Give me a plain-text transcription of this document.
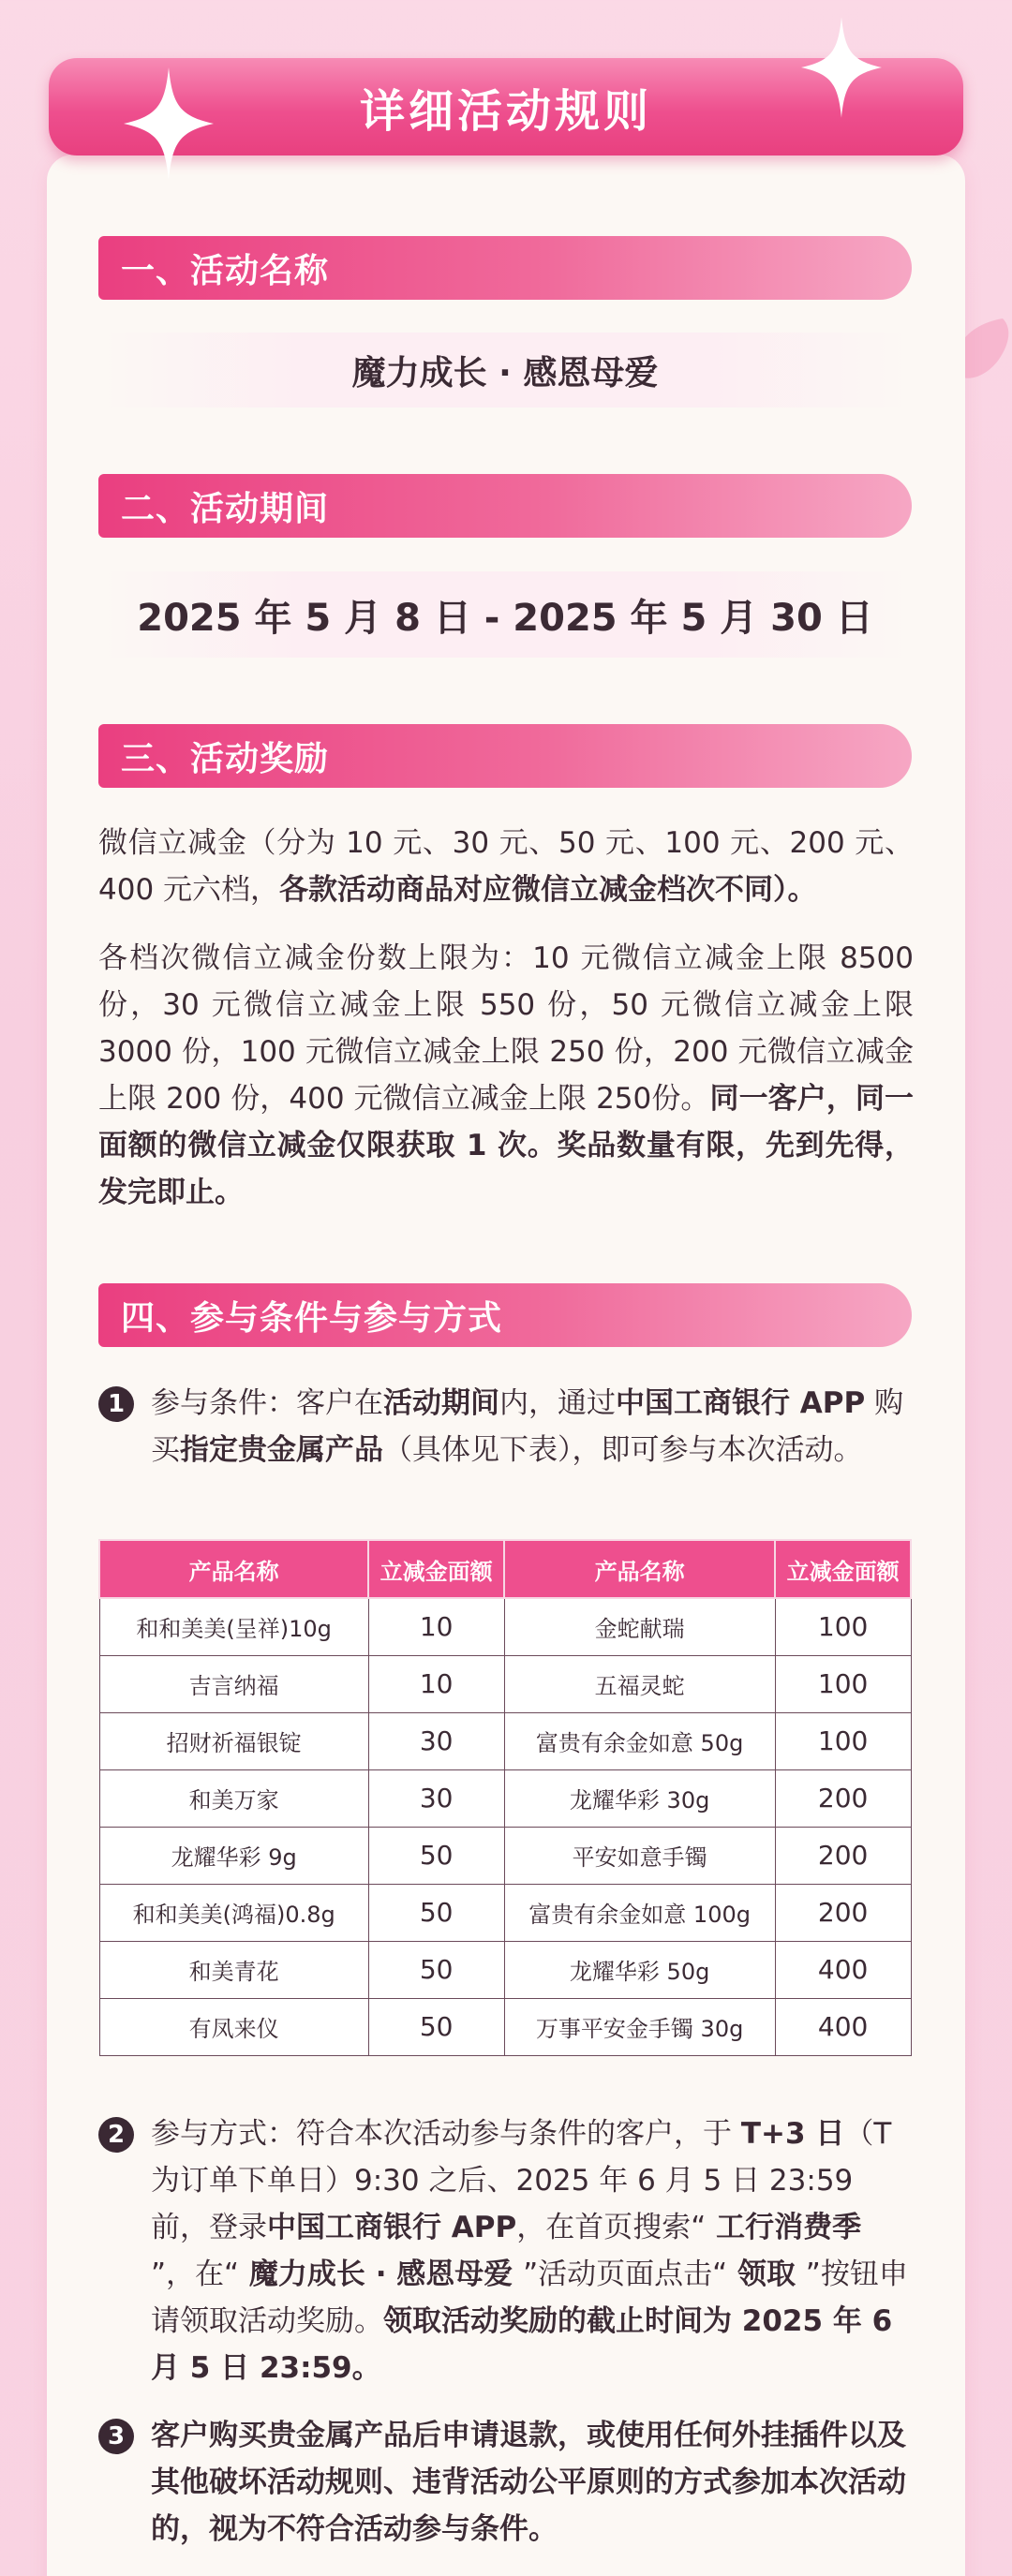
详细活动规则
一、活动名称
魔力成长 · 感恩母爱
二、活动期间
2025 年 5 月 8 日 - 2025 年 5 月 30 日
三、活动奖励

微信立减金（分为 10 元、30 元、50 元、100 元、200 元、400 元六档，各款活动商品对应微信立减金档次不同）。

各档次微信立减金份数上限为：10 元微信立减金上限 8500 份，30 元微信立减金上限 550 份，50 元微信立减金上限 3000 份，100 元微信立减金上限 250 份，200 元微信立减金上限 200 份，400 元微信立减金上限 250份。同一客户，同一面额的微信立减金仅限获取 1 次。奖品数量有限，先到先得，发完即止。

四、参与条件与参与方式
1 参与条件：客户在活动期间内，通过中国工商银行 APP 购买指定贵金属产品（具体见下表），即可参与本次活动。

产品名称	立减金面额	产品名称	立减金面额
和和美美(呈祥)10g	10	金蛇献瑞	100
吉言纳福	10	五福灵蛇	100
招财祈福银锭	30	富贵有余金如意 50g	100
和美万家	30	龙耀华彩 30g	200
龙耀华彩 9g	50	平安如意手镯	200
和和美美(鸿福)0.8g	50	富贵有余金如意 100g	200
和美青花	50	龙耀华彩 50g	400
有凤来仪	50	万事平安金手镯 30g	400
2 参与方式：符合本次活动参与条件的客户，于 T+3 日（T 为订单下单日）9:30 之后、2025 年 6 月 5 日 23:59 前，登录中国工商银行 APP，在首页搜索“ 工行消费季 ”，在“ 魔力成长 · 感恩母爱 ”活动页面点击“ 领取 ”按钮申请领取活动奖励。领取活动奖励的截止时间为 2025 年 6 月 5 日 23:59。

3 客户购买贵金属产品后申请退款，或使用任何外挂插件以及其他破坏活动规则、违背活动公平原则的方式参加本次活动的，视为不符合活动参与条件。
